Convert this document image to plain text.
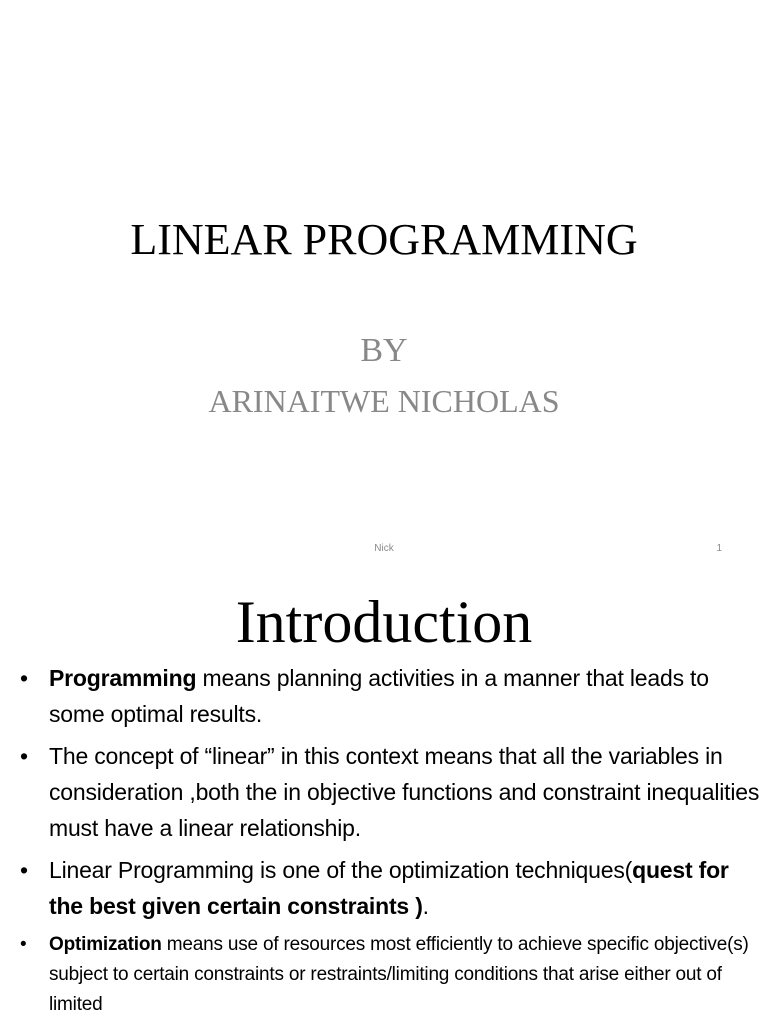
LINEAR PROGRAMMING
BY
ARINAITWE NICHOLAS
Nick	1
Introduction
• Programming means planning activities in a manner that leads to some optimal results.
• The concept of “linear” in this context means that all the variables in consideration ,both the in objective functions and constraint inequalities must have a linear relationship.
• Linear Programming is one of the optimization techniques(quest for the best given certain constraints ).
• Optimization means use of resources most efficiently to achieve specific objective(s) subject to certain constraints or restraints/limiting conditions that arise either out of limited
